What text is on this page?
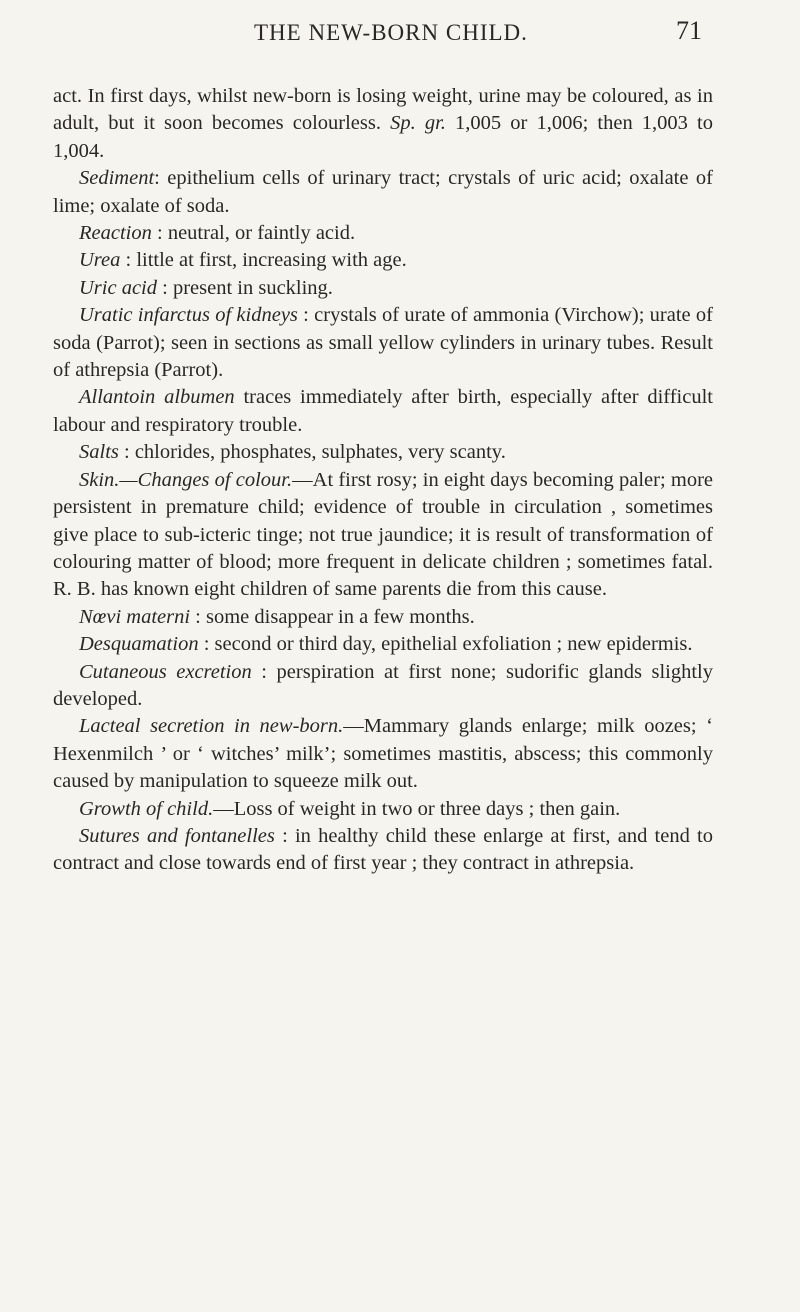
THE NEW-BORN CHILD.	71

act. In first days, whilst new-born is losing weight, urine may be coloured, as in adult, but it soon becomes colourless. Sp. gr. 1,005 or 1,006; then 1,003 to 1,004.

Sediment: epithelium cells of urinary tract; crystals of uric acid; oxalate of lime; oxalate of soda.

Reaction : neutral, or faintly acid.

Urea : little at first, increasing with age.

Uric acid : present in suckling.

Uratic infarctus of kidneys : crystals of urate of ammonia (Virchow); urate of soda (Parrot); seen in sections as small yellow cylinders in urinary tubes. Result of athrepsia (Parrot).

Allantoin albumen traces immediately after birth, especially after difficult labour and respiratory trouble.

Salts : chlorides, phosphates, sulphates, very scanty.

Skin.—Changes of colour.—At first rosy; in eight days becoming paler; more persistent in premature child; evidence of trouble in circulation , sometimes give place to sub-icteric tinge; not true jaundice; it is result of transformation of colouring matter of blood; more frequent in delicate children ; sometimes fatal. R. B. has known eight children of same parents die from this cause.

Nœvi materni : some disappear in a few months.

Desquamation : second or third day, epithelial exfoliation ; new epidermis.

Cutaneous excretion : perspiration at first none; sudorific glands slightly developed.

Lacteal secretion in new-born.—Mammary glands enlarge; milk oozes; ‘ Hexenmilch ’ or ‘ witches’ milk’; sometimes mastitis, abscess; this commonly caused by manipulation to squeeze milk out.

Growth of child.—Loss of weight in two or three days ; then gain.

Sutures and fontanelles : in healthy child these enlarge at first, and tend to contract and close towards end of first year ; they contract in athrepsia.
